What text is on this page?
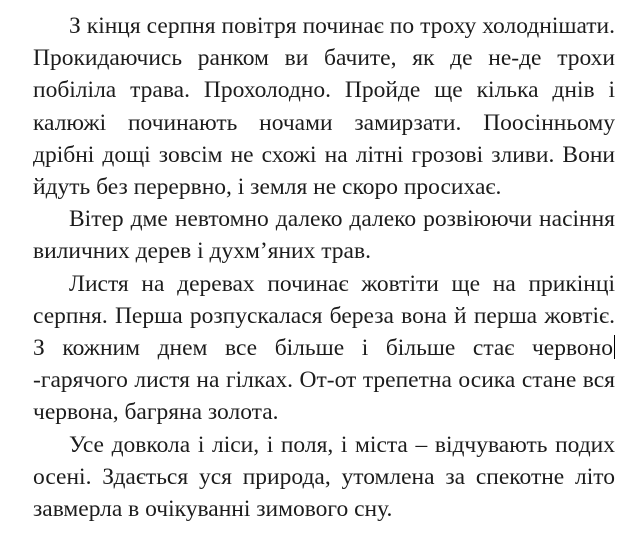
З кінця серпня повітря починає по троху холоднішати. Прокидаючись ранком ви бачите, як де не-де трохи побіліла трава. Прохолодно. Пройде ще кілька днів і калюжі починають ночами замирзати. Поосінньому дрібні дощі зовсім не схожі на літні грозові зливи. Вони йдуть без перервно, і земля не скоро просихає.

Вітер дме невтомно далеко далеко розвіюючи насіння виличних дерев і духм’яних трав.

Листя на деревах починає жовтіти ще на прикінці серпня. Перша розпускалася береза вона й перша жовтіє. З кожним днем все більше і більше стає червоно-гарячого листя на гілках. От-от трепетна осика стане вся червона, багряна золота.

Усе довкола і ліси, і поля, і міста – відчувають подих осені. Здається уся природа, утомлена за спекотне літо завмерла в очікуванні зимового сну.
